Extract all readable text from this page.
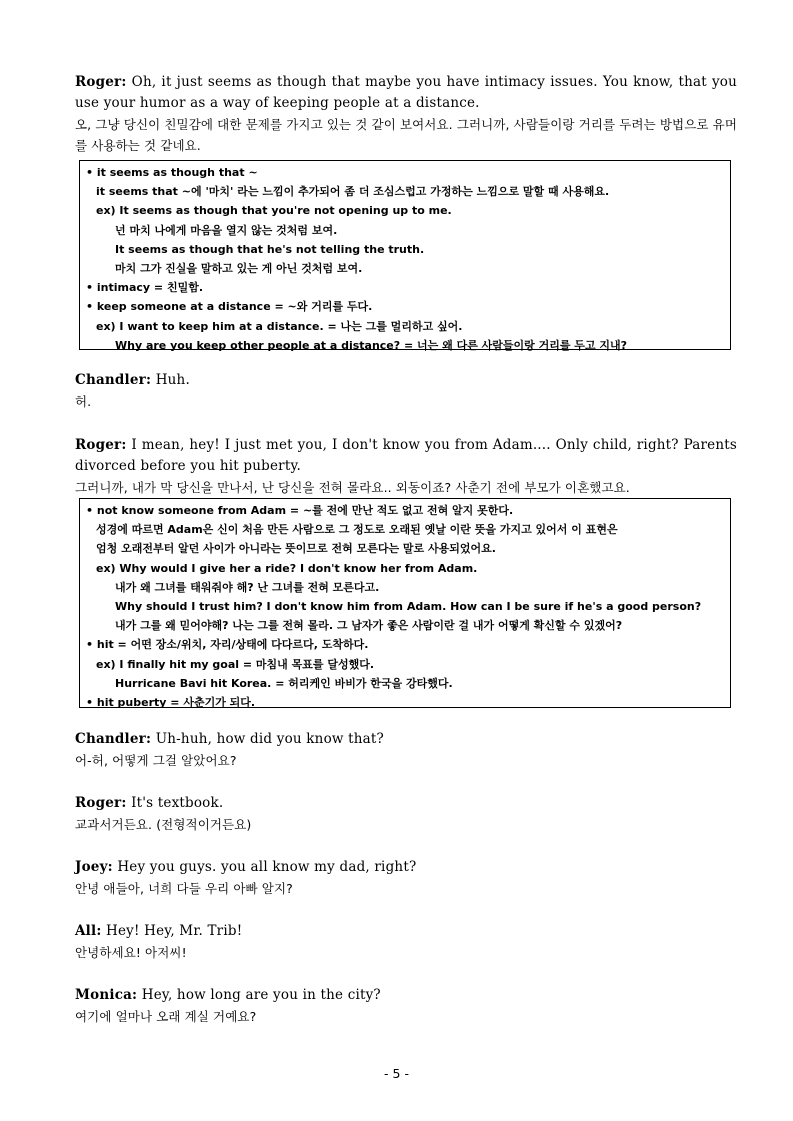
Roger: Oh, it just seems as though that maybe you have intimacy issues. You know, that you use your humor as a way of keeping people at a distance.

오, 그냥 당신이 친밀감에 대한 문제를 가지고 있는 것 같이 보여서요. 그러니까, 사람들이랑 거리를 두려는 방법으로 유머를 사용하는 것 같네요.

• it seems as though that ~
it seems that ~에 '마치' 라는 느낌이 추가되어 좀 더 조심스럽고 가정하는 느낌으로 말할 때 사용해요.
ex) It seems as though that you're not opening up to me.
넌 마치 나에게 마음을 열지 않는 것처럼 보여.
It seems as though that he's not telling the truth.
마치 그가 진실을 말하고 있는 게 아닌 것처럼 보여.
• intimacy = 친밀함.
• keep someone at a distance = ~와 거리를 두다.
ex) I want to keep him at a distance. = 나는 그를 멀리하고 싶어.
Why are you keep other people at a distance? = 너는 왜 다른 사람들이랑 거리를 두고 지내?

Chandler: Huh.

허.

Roger: I mean, hey! I just met you, I don't know you from Adam.... Only child, right? Parents divorced before you hit puberty.

그러니까, 내가 막 당신을 만나서, 난 당신을 전혀 몰라요.. 외동이죠? 사춘기 전에 부모가 이혼했고요.

• not know someone from Adam = ~를 전에 만난 적도 없고 전혀 알지 못한다.
성경에 따르면 Adam은 신이 처음 만든 사람으로 그 정도로 오래된 옛날 이란 뜻을 가지고 있어서 이 표현은
엄청 오래전부터 알던 사이가 아니라는 뜻이므로 전혀 모른다는 말로 사용되었어요.
ex) Why would I give her a ride? I don't know her from Adam.
내가 왜 그녀를 태워줘야 해? 난 그녀를 전혀 모른다고.
Why should I trust him? I don't know him from Adam. How can I be sure if he's a good person?
내가 그를 왜 믿어야해? 나는 그를 전혀 몰라. 그 남자가 좋은 사람이란 걸 내가 어떻게 확신할 수 있겠어?
• hit = 어떤 장소/위치, 자리/상태에 다다르다, 도착하다.
ex) I finally hit my goal = 마침내 목표를 달성했다.
Hurricane Bavi hit Korea. = 허리케인 바비가 한국을 강타했다.
• hit puberty = 사춘기가 되다.

Chandler: Uh-huh, how did you know that?

어-허, 어떻게 그걸 알았어요?

Roger: It's textbook.

교과서거든요. (전형적이거든요)

Joey: Hey you guys. you all know my dad, right?

안녕 애들아, 너희 다들 우리 아빠 알지?

All: Hey! Hey, Mr. Trib!

안녕하세요! 아저씨!

Monica: Hey, how long are you in the city?

여기에 얼마나 오래 계실 거예요?

- 5 -
